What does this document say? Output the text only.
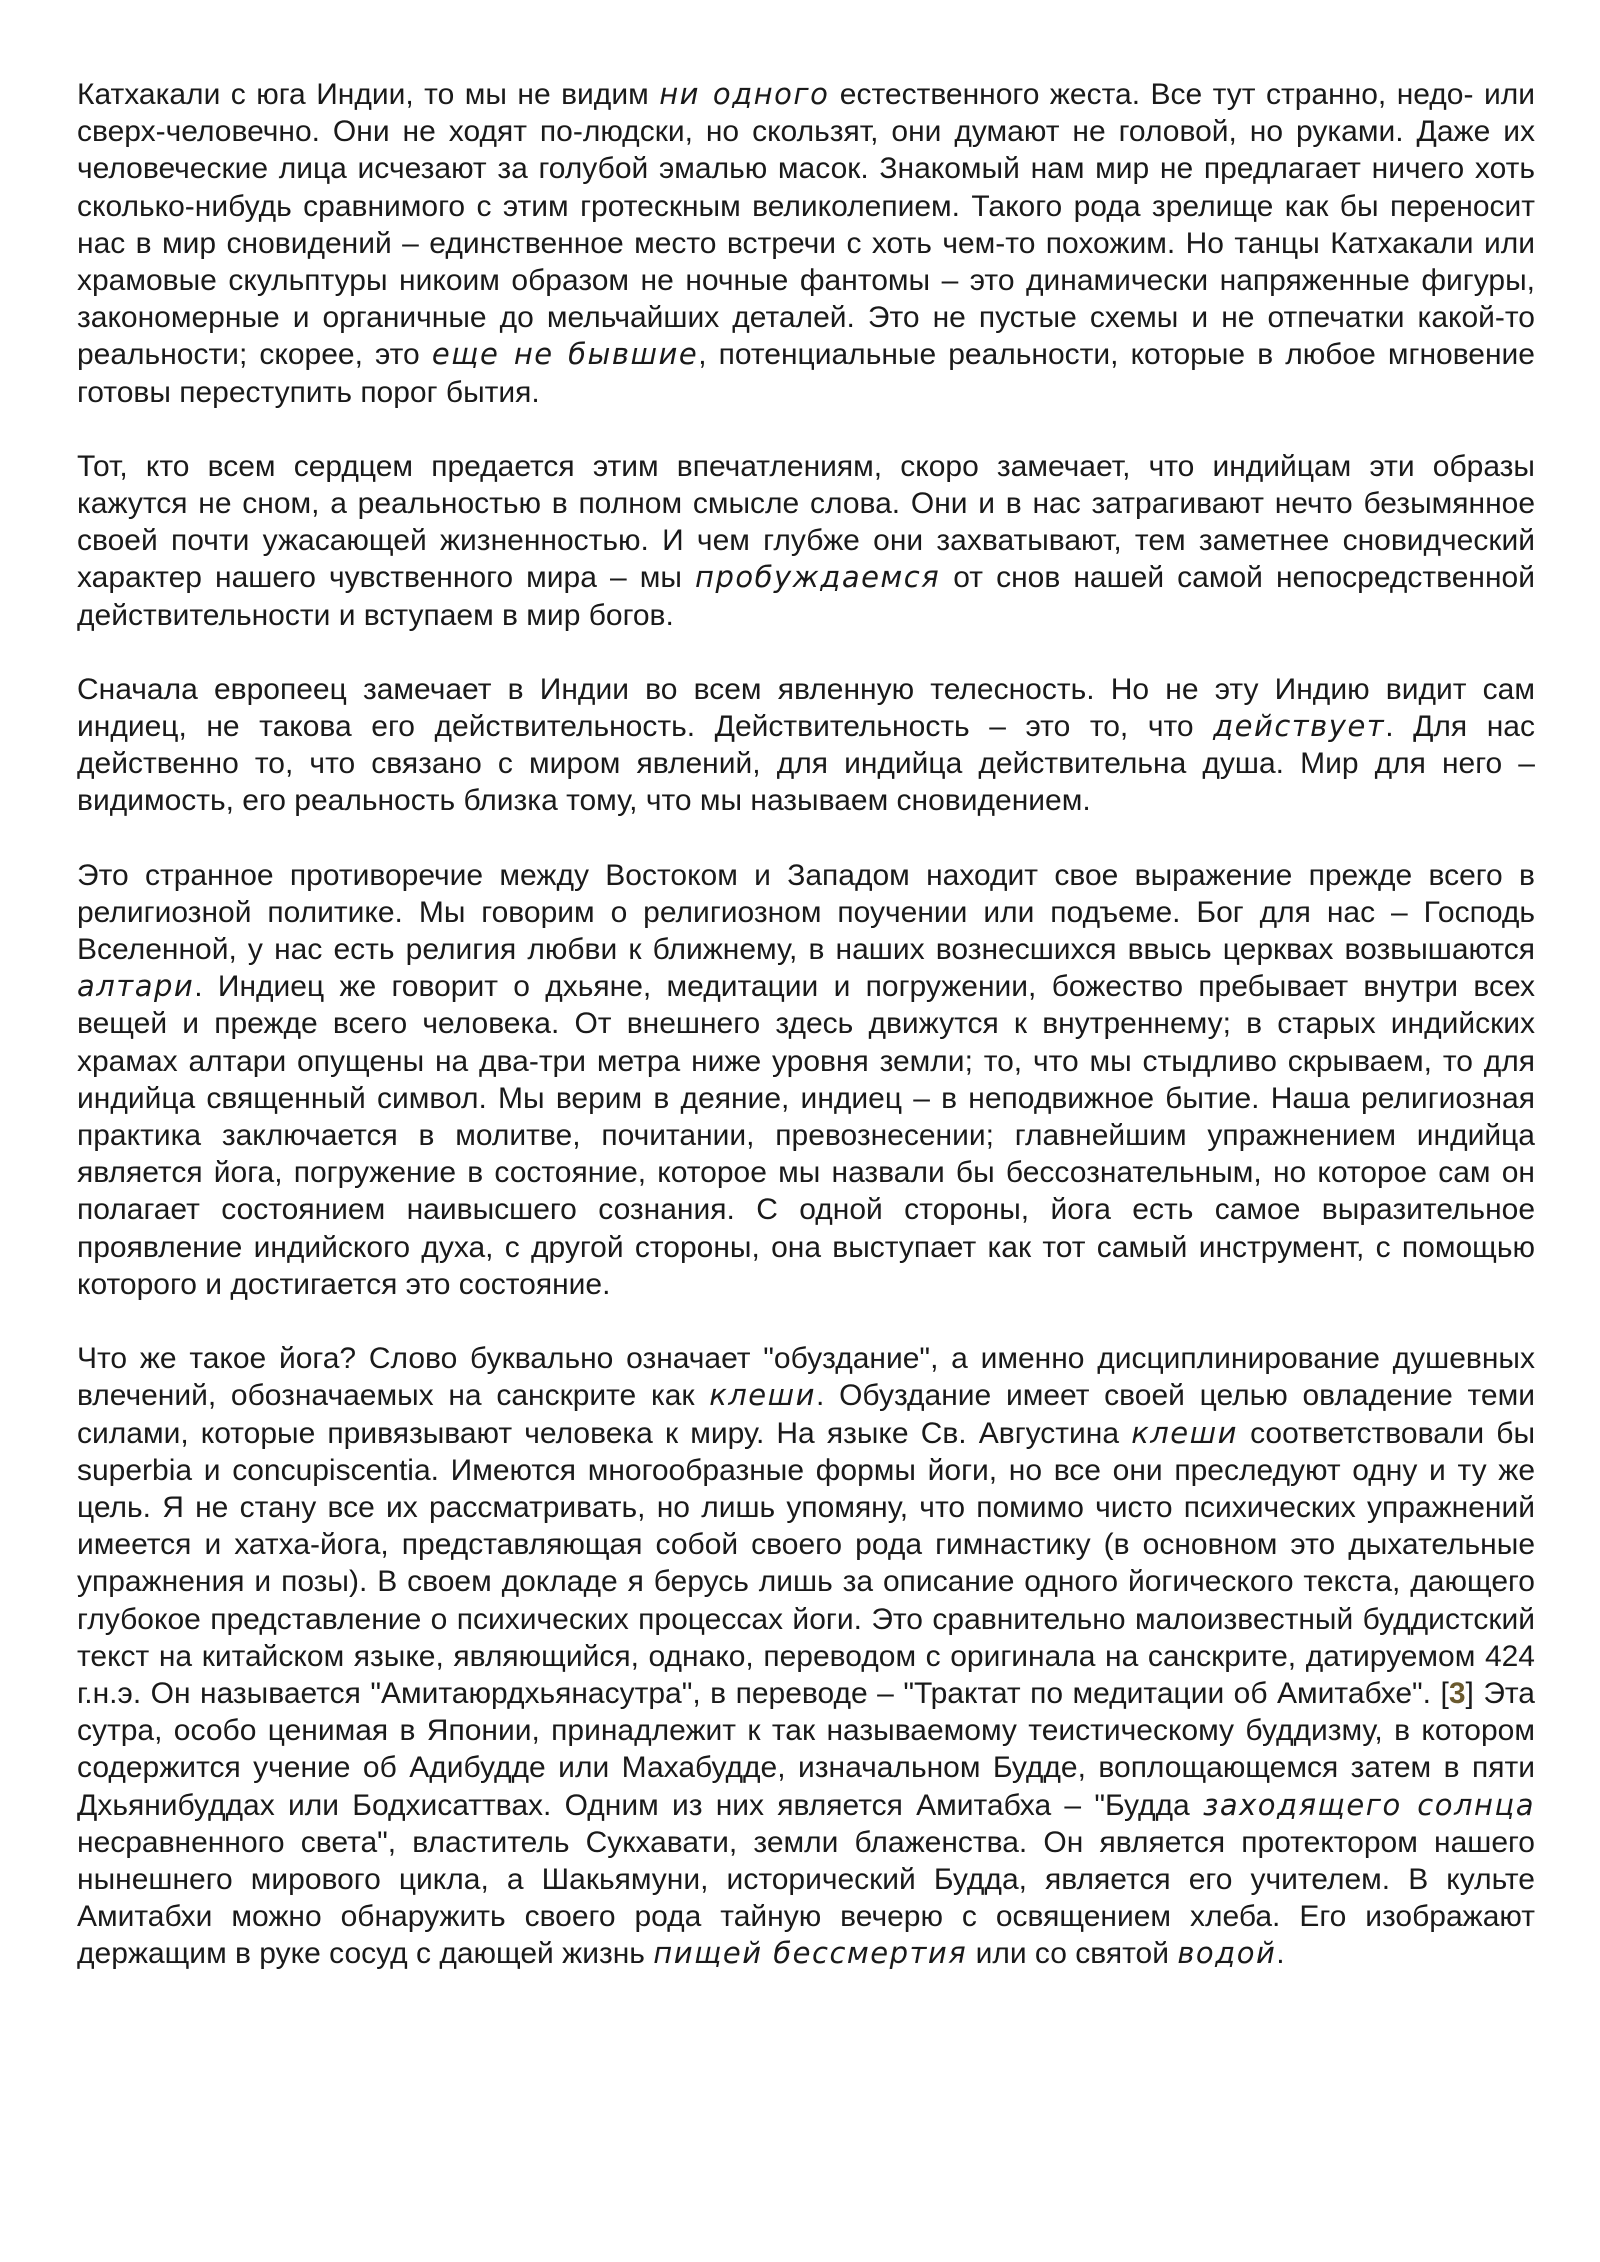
Катхакали с юга Индии, то мы не видим ни одного естественного жеста. Все тут странно, недо- или сверх-человечно. Они не ходят по-людски, но скользят, они думают не головой, но руками. Даже их человеческие лица исчезают за голубой эмалью масок. Знакомый нам мир не предлагает ничего хоть сколько-нибудь сравнимого с этим гротескным великолепием. Такого рода зрелище как бы переносит нас в мир сновидений – единственное место встречи с хоть чем-то похожим. Но танцы Катхакали или храмовые скульптуры никоим образом не ночные фантомы – это динамически напряженные фигуры, закономерные и органичные до мельчайших деталей. Это не пустые схемы и не отпечатки какой-то реальности; скорее, это еще не бывшие, потенциальные реальности, которые в любое мгновение готовы переступить порог бытия.

Тот, кто всем сердцем предается этим впечатлениям, скоро замечает, что индийцам эти образы кажутся не сном, а реальностью в полном смысле слова. Они и в нас затрагивают нечто безымянное своей почти ужасающей жизненностью. И чем глубже они захватывают, тем заметнее сновидческий характер нашего чувственного мира – мы пробуждаемся от снов нашей самой непосредственной действительности и вступаем в мир богов.

Сначала европеец замечает в Индии во всем явленную телесность. Но не эту Индию видит сам индиец, не такова его действительность. Действительность – это то, что действует. Для нас действенно то, что связано с миром явлений, для индийца действительна душа. Мир для него – видимость, его реальность близка тому, что мы называем сновидением.

Это странное противоречие между Востоком и Западом находит свое выражение прежде всего в религиозной политике. Мы говорим о религиозном поучении или подъеме. Бог для нас – Господь Вселенной, у нас есть религия любви к ближнему, в наших вознесшихся ввысь церквах возвышаются алтари. Индиец же говорит о дхьяне, медитации и погружении, божество пребывает внутри всех вещей и прежде всего человека. От внешнего здесь движутся к внутреннему; в старых индийских храмах алтари опущены на два-три метра ниже уровня земли; то, что мы стыдливо скрываем, то для индийца священный символ. Мы верим в деяние, индиец – в неподвижное бытие. Наша религиозная практика заключается в молитве, почитании, превознесении; главнейшим упражнением индийца является йога, погружение в состояние, которое мы назвали бы бессознательным, но которое сам он полагает состоянием наивысшего сознания. С одной стороны, йога есть самое выразительное проявление индийского духа, с другой стороны, она выступает как тот самый инструмент, с помощью которого и достигается это состояние.

Что же такое йога? Слово буквально означает "обуздание", а именно дисциплинирование душевных влечений, обозначаемых на санскрите как клеши. Обуздание имеет своей целью овладение теми силами, которые привязывают человека к миру. На языке Св. Августина клеши соответствовали бы superbia и concupiscentia. Имеются многообразные формы йоги, но все они преследуют одну и ту же цель. Я не стану все их рассматривать, но лишь упомяну, что помимо чисто психических упражнений имеется и хатха-йога, представляющая собой своего рода гимнастику (в основном это дыхательные упражнения и позы). В своем докладе я берусь лишь за описание одного йогического текста, дающего глубокое представление о психических процессах йоги. Это сравнительно малоизвестный буддистский текст на китайском языке, являющийся, однако, переводом с оригинала на санскрите, датируемом 424 г.н.э. Он называется "Амитаюрдхьянасутра", в переводе – "Трактат по медитации об Амитабхе". [3] Эта сутра, особо ценимая в Японии, принадлежит к так называемому теистическому буддизму, в котором содержится учение об Адибудде или Махабудде, изначальном Будде, воплощающемся затем в пяти Дхьянибуддах или Бодхисаттвах. Одним из них является Амитабха – "Будда заходящего солнца несравненного света", властитель Сукхавати, земли блаженства. Он является протектором нашего нынешнего мирового цикла, а Шакьямуни, исторический Будда, является его учителем. В культе Амитабхи можно обнаружить своего рода тайную вечерю с освящением хлеба. Его изображают держащим в руке сосуд с дающей жизнь пищей бессмертия или со святой водой.
